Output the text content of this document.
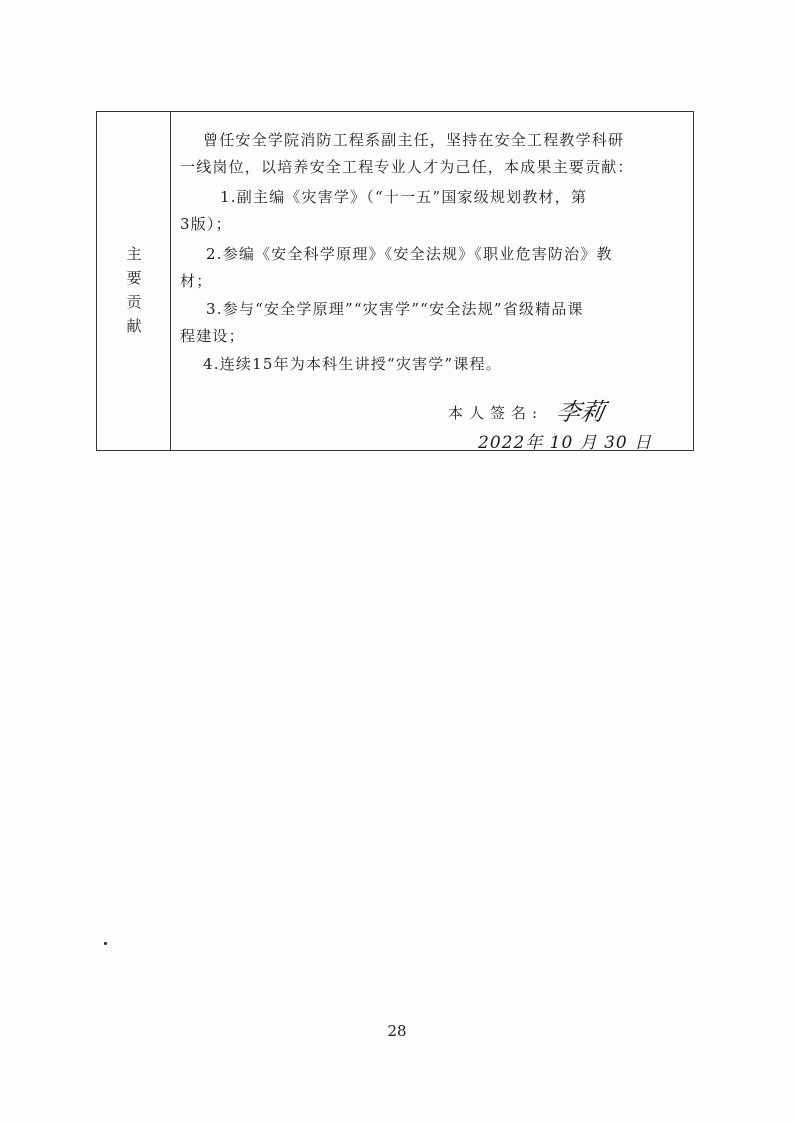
主
要
贡
献
曾任安全学院消防工程系副主任，坚持在安全工程教学科研
一线岗位，以培养安全工程专业人才为己任，本成果主要贡献：
1.副主编《灾害学》（“十一五”国家级规划教材，第
3版）；
2.参编《安全科学原理》《安全法规》《职业危害防治》教
材；
3.参与“安全学原理”“灾害学”“安全法规”省级精品课
程建设；
4.连续15年为本科生讲授“灾害学”课程。
本人签名: 李莉
2022年 10 月 30 日
28
